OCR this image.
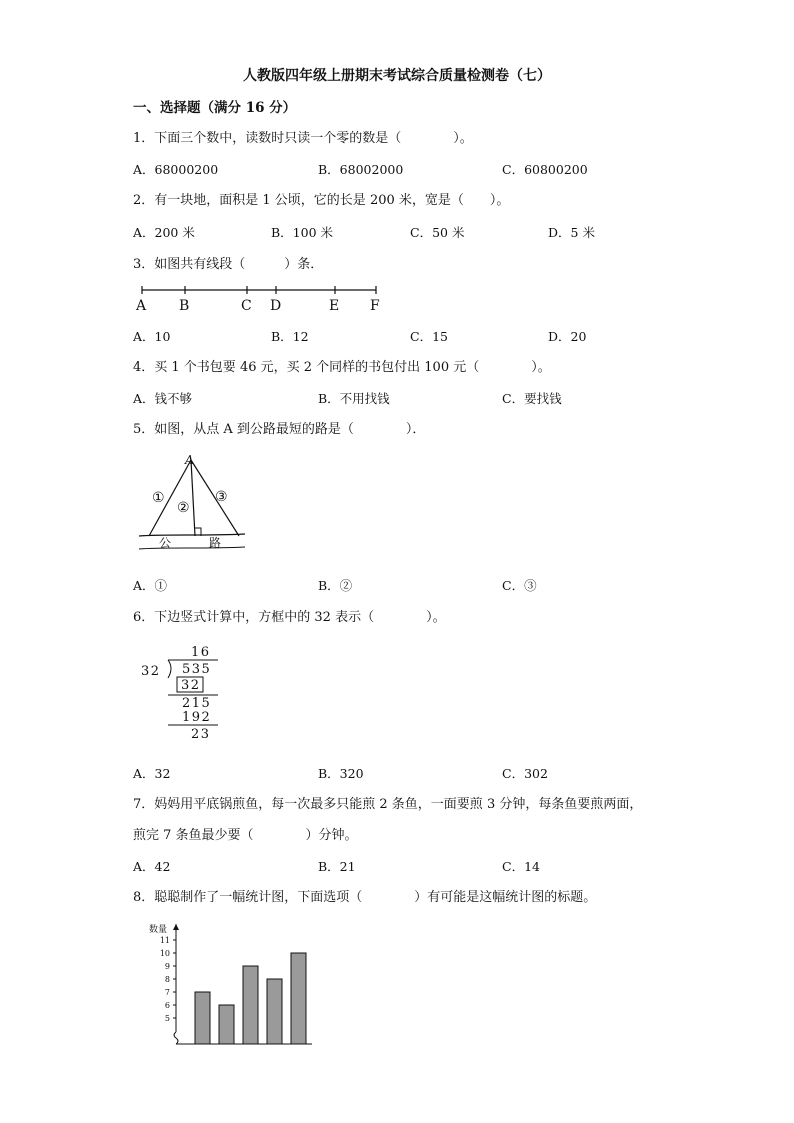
人教版四年级上册期末考试综合质量检测卷（七）
一、选择题（满分 16 分）
1．下面三个数中，读数时只读一个零的数是（　　　　）。
A．68000200	B．68002000	C．60800200
2．有一块地，面积是 1 公顷，它的长是 200 米，宽是（　　）。
A．200 米	B．100 米	C．50 米	D．5 米
3．如图共有线段（　　　）条．
A B	C D	E F
A．10	B．12	C．15	D．20
4．买 1 个书包要 46 元，买 2 个同样的书包付出 100 元（　　　　）。
A．钱不够	B．不用找钱	C．要找钱
5．如图，从点 A 到公路最短的路是（　　　　）．
A
①
②
③
公	路
A．①	B．②	C．③
6．下边竖式计算中，方框中的 32 表示（　　　　）。
16
32 535
32
215
192
23
A．32	B．320	C．302
7．妈妈用平底锅煎鱼，每一次最多只能煎 2 条鱼，一面要煎 3 分钟，每条鱼要煎两面，
煎完 7 条鱼最少要（　　　　）分钟。
A．42	B．21	C．14
8．聪聪制作了一幅统计图，下面选项（　　　　）有可能是这幅统计图的标题。
数量
5
6
7
8
9
10
11
